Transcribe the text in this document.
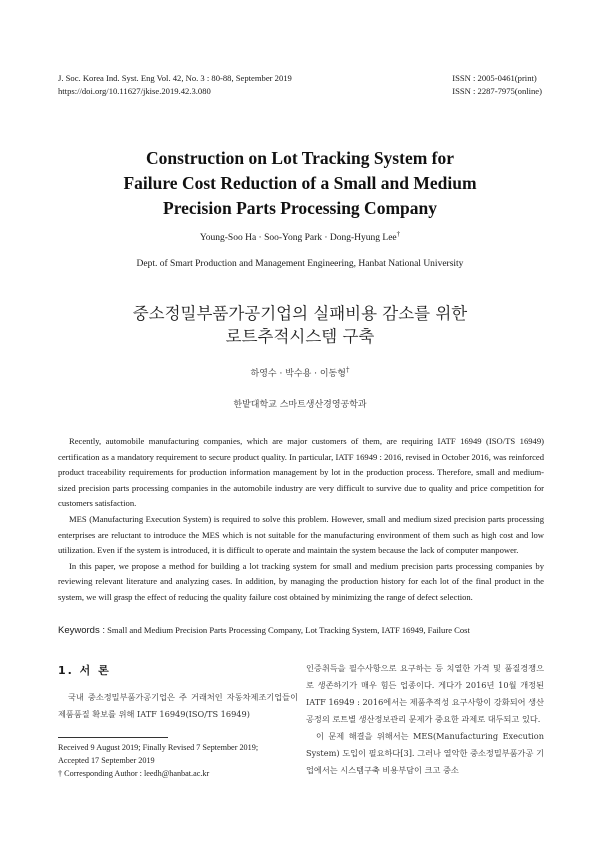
J. Soc. Korea Ind. Syst. Eng Vol. 42, No. 3 : 80-88, September 2019
https://doi.org/10.11627/jkise.2019.42.3.080
ISSN : 2005-0461(print)
ISSN : 2287-7975(online)
Construction on Lot Tracking System for
Failure Cost Reduction of a Small and Medium
Precision Parts Processing Company
Young-Soo Ha · Soo-Yong Park · Dong-Hyung Lee†
Dept. of Smart Production and Management Engineering, Hanbat National University
중소정밀부품가공기업의 실패비용 감소를 위한
로트추적시스템 구축
하영수 · 박수용 · 이동형†
한밭대학교 스마트생산경영공학과

Recently, automobile manufacturing companies, which are major customers of them, are requiring IATF 16949 (ISO/TS 16949) certification as a mandatory requirement to secure product quality. In particular, IATF 16949 : 2016, revised in October 2016, was reinforced product traceability requirements for production information management by lot in the production process. Therefore, small and medium-sized precision parts processing companies in the automobile industry are very difficult to survive due to quality and price competition for customers satisfaction.

MES (Manufacturing Execution System) is required to solve this problem. However, small and medium sized precision parts processing enterprises are reluctant to introduce the MES which is not suitable for the manufacturing environment of them such as high cost and low utilization. Even if the system is introduced, it is difficult to operate and maintain the system because the lack of computer manpower.

In this paper, we propose a method for building a lot tracking system for small and medium precision parts processing companies by reviewing relevant literature and analyzing cases. In addition, by managing the production history for each lot of the final product in the system, we will grasp the effect of reducing the quality failure cost obtained by minimizing the range of defect selection.

Keywords : Small and Medium Precision Parts Processing Company, Lot Tracking System, IATF 16949, Failure Cost
1. 서 론

국내 중소정밀부품가공기업은 주 거래처인 자동차제조기업들이 제품품질 확보를 위해 IATF 16949(ISO/TS 16949)

Received 9 August 2019; Finally Revised 7 September 2019;
Accepted 17 September 2019
† Corresponding Author : leedh@hanbat.ac.kr

인증취득을 필수사항으로 요구하는 등 치열한 가격 및 품질경쟁으로 생존하기가 매우 힘든 업종이다. 게다가 2016년 10월 개정된 IATF 16949 : 2016에서는 제품추적성 요구사항이 강화되어 생산 공정의 로트별 생산정보관리 문제가 중요한 과제로 대두되고 있다.

이 문제 해결을 위해서는 MES(Manufacturing Execution System) 도입이 필요하다[3]. 그러나 열악한 중소정밀부품가공 기업에서는 시스템구축 비용부담이 크고 중소
